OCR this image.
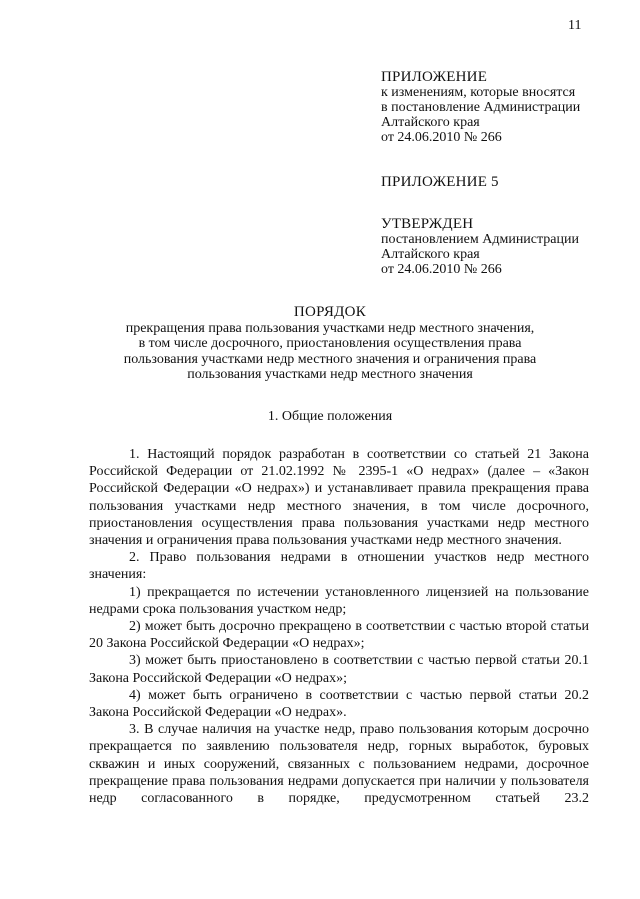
11
ПРИЛОЖЕНИЕ
к изменениям, которые вносятся
в постановление Администрации
Алтайского края
от 24.06.2010 № 266
ПРИЛОЖЕНИЕ 5
УТВЕРЖДЕН
постановлением Администрации
Алтайского края
от 24.06.2010 № 266
ПОРЯДОК
прекращения права пользования участками недр местного значения,
в том числе досрочного, приостановления осуществления права
пользования участками недр местного значения и ограничения права
пользования участками недр местного значения
1. Общие положения

1. Настоящий порядок разработан в соответствии со статьей 21 Закона Российской Федерации от 21.02.1992 № 2395-1 «О недрах» (далее – «Закон Российской Федерации «О недрах») и устанавливает правила прекращения права пользования участками недр местного значения, в том числе досрочного, приостановления осуществления права пользования участками недр местного значения и ограничения права пользования участками недр местного значения.

2. Право пользования недрами в отношении участков недр местного значения:

1) прекращается по истечении установленного лицензией на пользование недрами срока пользования участком недр;

2) может быть досрочно прекращено в соответствии с частью второй статьи 20 Закона Российской Федерации «О недрах»;

3) может быть приостановлено в соответствии с частью первой статьи 20.1 Закона Российской Федерации «О недрах»;

4) может быть ограничено в соответствии с частью первой статьи 20.2 Закона Российской Федерации «О недрах».

3. В случае наличия на участке недр, право пользования которым досрочно прекращается по заявлению пользователя недр, горных выработок, буровых скважин и иных сооружений, связанных с пользованием недрами, досрочное прекращение права пользования недрами допускается при наличии у пользователя недр согласованного в порядке, предусмотренном статьей 23.2
